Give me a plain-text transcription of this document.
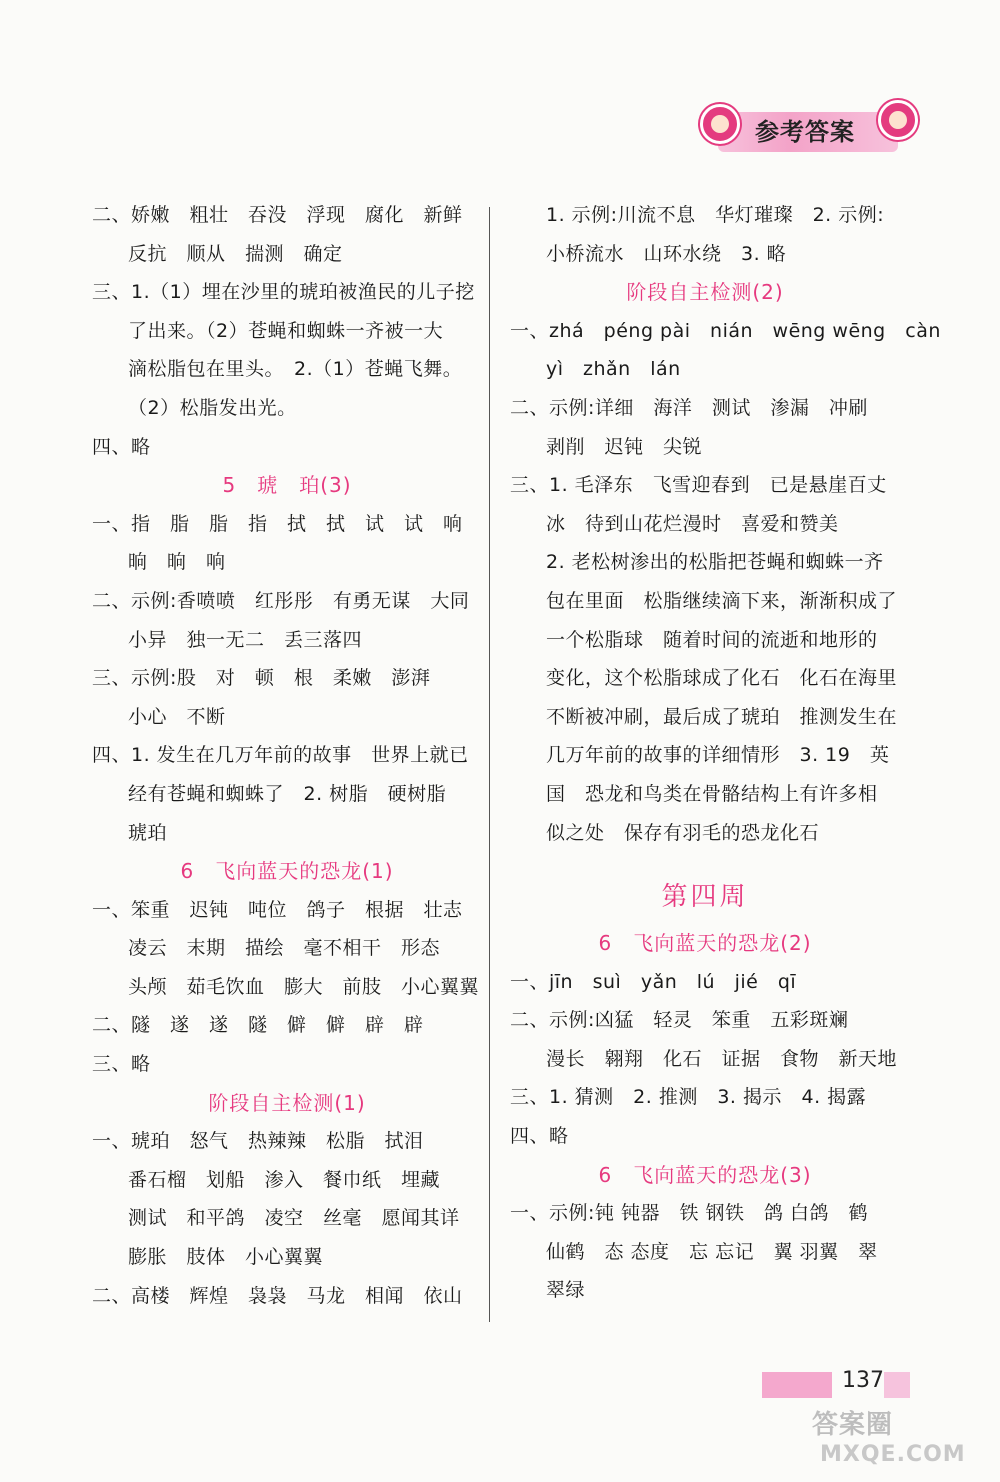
参考答案
二、娇嫩　粗壮　吞没　浮现　腐化　新鲜
反抗　顺从　揣测　确定
三、1.（1）埋在沙里的琥珀被渔民的儿子挖
了出来。（2）苍蝇和蜘蛛一齐被一大
滴松脂包在里头。　2.（1）苍蝇飞舞。
（2）松脂发出光。
四、略
5　琥　珀(3)
一、指　脂　脂　指　拭　拭　试　试　响
晌　晌　响
二、示例:香喷喷　红彤彤　有勇无谋　大同
小异　独一无二　丢三落四
三、示例:股　对　顿　根　柔嫩　澎湃
小心　不断
四、1. 发生在几万年前的故事　世界上就已
经有苍蝇和蜘蛛了　2. 树脂　硬树脂
琥珀
6　飞向蓝天的恐龙(1)
一、笨重　迟钝　吨位　鸽子　根据　壮志
凌云　末期　描绘　毫不相干　形态
头颅　茹毛饮血　膨大　前肢　小心翼翼
二、隧　遂　遂　隧　僻　僻　辟　辟
三、略
阶段自主检测(1)
一、琥珀　怒气　热辣辣　松脂　拭泪
番石榴　划船　渗入　餐巾纸　埋藏
测试　和平鸽　凌空　丝毫　愿闻其详
膨胀　肢体　小心翼翼
二、高楼　辉煌　袅袅　马龙　相闻　依山
1. 示例:川流不息　华灯璀璨　2. 示例:
小桥流水　山环水绕　3. 略
阶段自主检测(2)
一、zhá　péng pài　nián　wēng wēng　càn
yì　zhǎn　lán
二、示例:详细　海洋　测试　渗漏　冲刷
剥削　迟钝　尖锐
三、1. 毛泽东　飞雪迎春到　已是悬崖百丈
冰　待到山花烂漫时　喜爱和赞美
2. 老松树渗出的松脂把苍蝇和蜘蛛一齐
包在里面　松脂继续滴下来，渐渐积成了
一个松脂球　随着时间的流逝和地形的
变化，这个松脂球成了化石　化石在海里
不断被冲刷，最后成了琥珀　推测发生在
几万年前的故事的详细情形　3. 19　英
国　恐龙和鸟类在骨骼结构上有许多相
似之处　保存有羽毛的恐龙化石
第四周
6　飞向蓝天的恐龙(2)
一、jīn　suì　yǎn　lú　jié　qī
二、示例:凶猛　轻灵　笨重　五彩斑斓
漫长　翱翔　化石　证据　食物　新天地
三、1. 猜测　2. 推测　3. 揭示　4. 揭露
四、略
6　飞向蓝天的恐龙(3)
一、示例:钝 钝器　铁 钢铁　鸽 白鸽　鹤
仙鹤　态 态度　忘 忘记　翼 羽翼　翠
翠绿
137
答案圈
MXQE.COM
